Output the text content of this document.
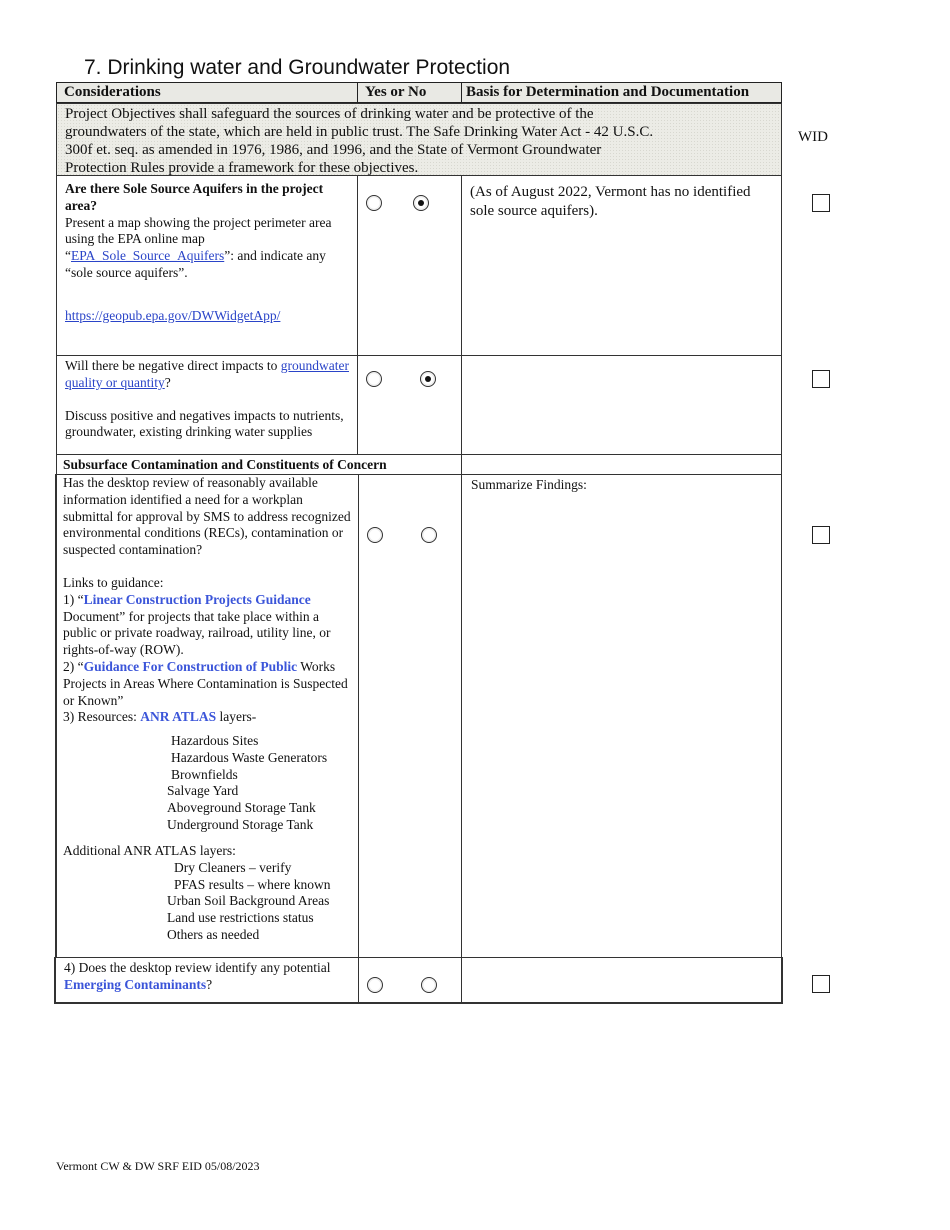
7. Drinking water and Groundwater Protection
Considerations	Yes or No	Basis for Determination and Documentation
Project Objectives shall safeguard the sources of drinking water and be protective of the
groundwaters of the state, which are held in public trust. The Safe Drinking Water Act - 42 U.S.C.
300f et. seq. as amended in 1976, 1986, and 1996, and the State of Vermont Groundwater
Protection Rules provide a framework for these objectives.
WID
Are there Sole Source Aquifers in the project area?
Present a map showing the project perimeter area using the EPA online map “EPA_Sole_Source_Aquifers”: and indicate any “sole source aquifers”.
https://geopub.epa.gov/DWWidgetApp/
(As of August 2022, Vermont has no identified sole source aquifers).
Will there be negative direct impacts to groundwater quality or quantity?
Discuss positive and negatives impacts to nutrients, groundwater, existing drinking water supplies
Subsurface Contamination and Constituents of Concern
Has the desktop review of reasonably available information identified a need for a workplan submittal for approval by SMS to address recognized environmental conditions (RECs), contamination or suspected contamination?
Links to guidance:
1) “Linear Construction Projects Guidance Document” for projects that take place within a public or private roadway, railroad, utility line, or rights-of-way (ROW).
2) “Guidance For Construction of Public Works Projects in Areas Where Contamination is Suspected or Known”
3) Resources: ANR ATLAS layers-
Hazardous Sites
Hazardous Waste Generators
Brownfields
Salvage Yard
Aboveground Storage Tank
Underground Storage Tank
Additional ANR ATLAS layers:
Dry Cleaners – verify
PFAS results – where known
Urban Soil Background Areas
Land use restrictions status
Others as needed
Summarize Findings:
4) Does the desktop review identify any potential Emerging Contaminants?
Vermont CW & DW SRF EID 05/08/2023
